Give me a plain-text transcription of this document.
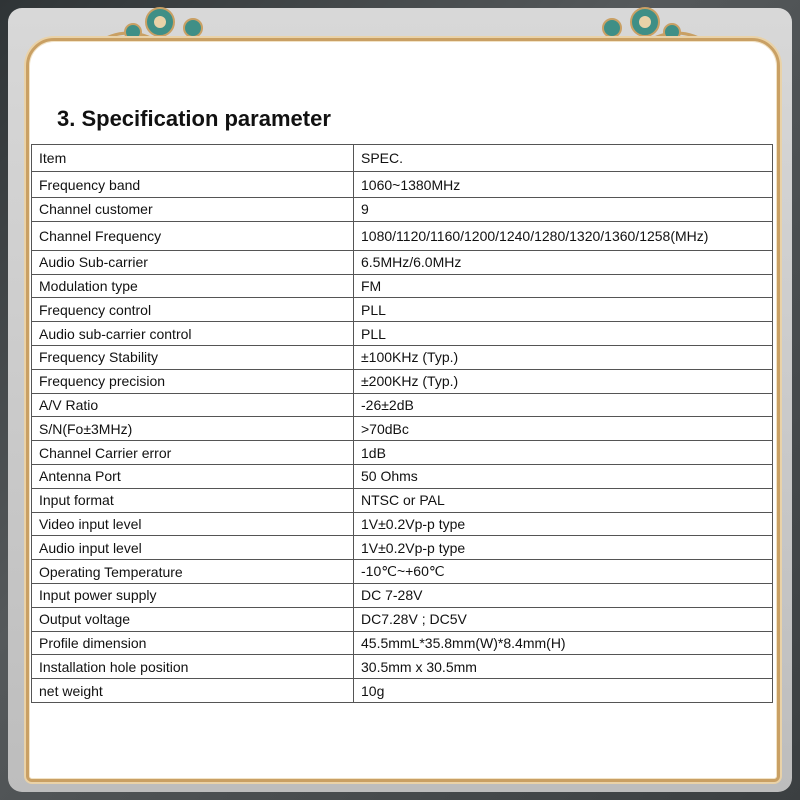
3. Specification parameter
Item	SPEC.
Frequency band	1060~1380MHz
Channel customer	9
Channel Frequency	1080/1120/1160/1200/1240/1280/1320/1360/1258(MHz)
Audio Sub-carrier	6.5MHz/6.0MHz
Modulation type	FM
Frequency control	PLL
Audio sub-carrier control	PLL
Frequency Stability	±100KHz (Typ.)
Frequency precision	±200KHz (Typ.)
A/V Ratio	-26±2dB
S/N(Fo±3MHz)	>70dBc
Channel Carrier error	1dB
Antenna Port	50 Ohms
Input format	NTSC or PAL
Video input level	1V±0.2Vp-p type
Audio input level	1V±0.2Vp-p type
Operating Temperature	-10℃~+60℃
Input power supply	DC 7-28V
Output voltage	DC7.28V ; DC5V
Profile dimension	45.5mmL*35.8mm(W)*8.4mm(H)
Installation hole position	30.5mm x 30.5mm
net weight	10g
